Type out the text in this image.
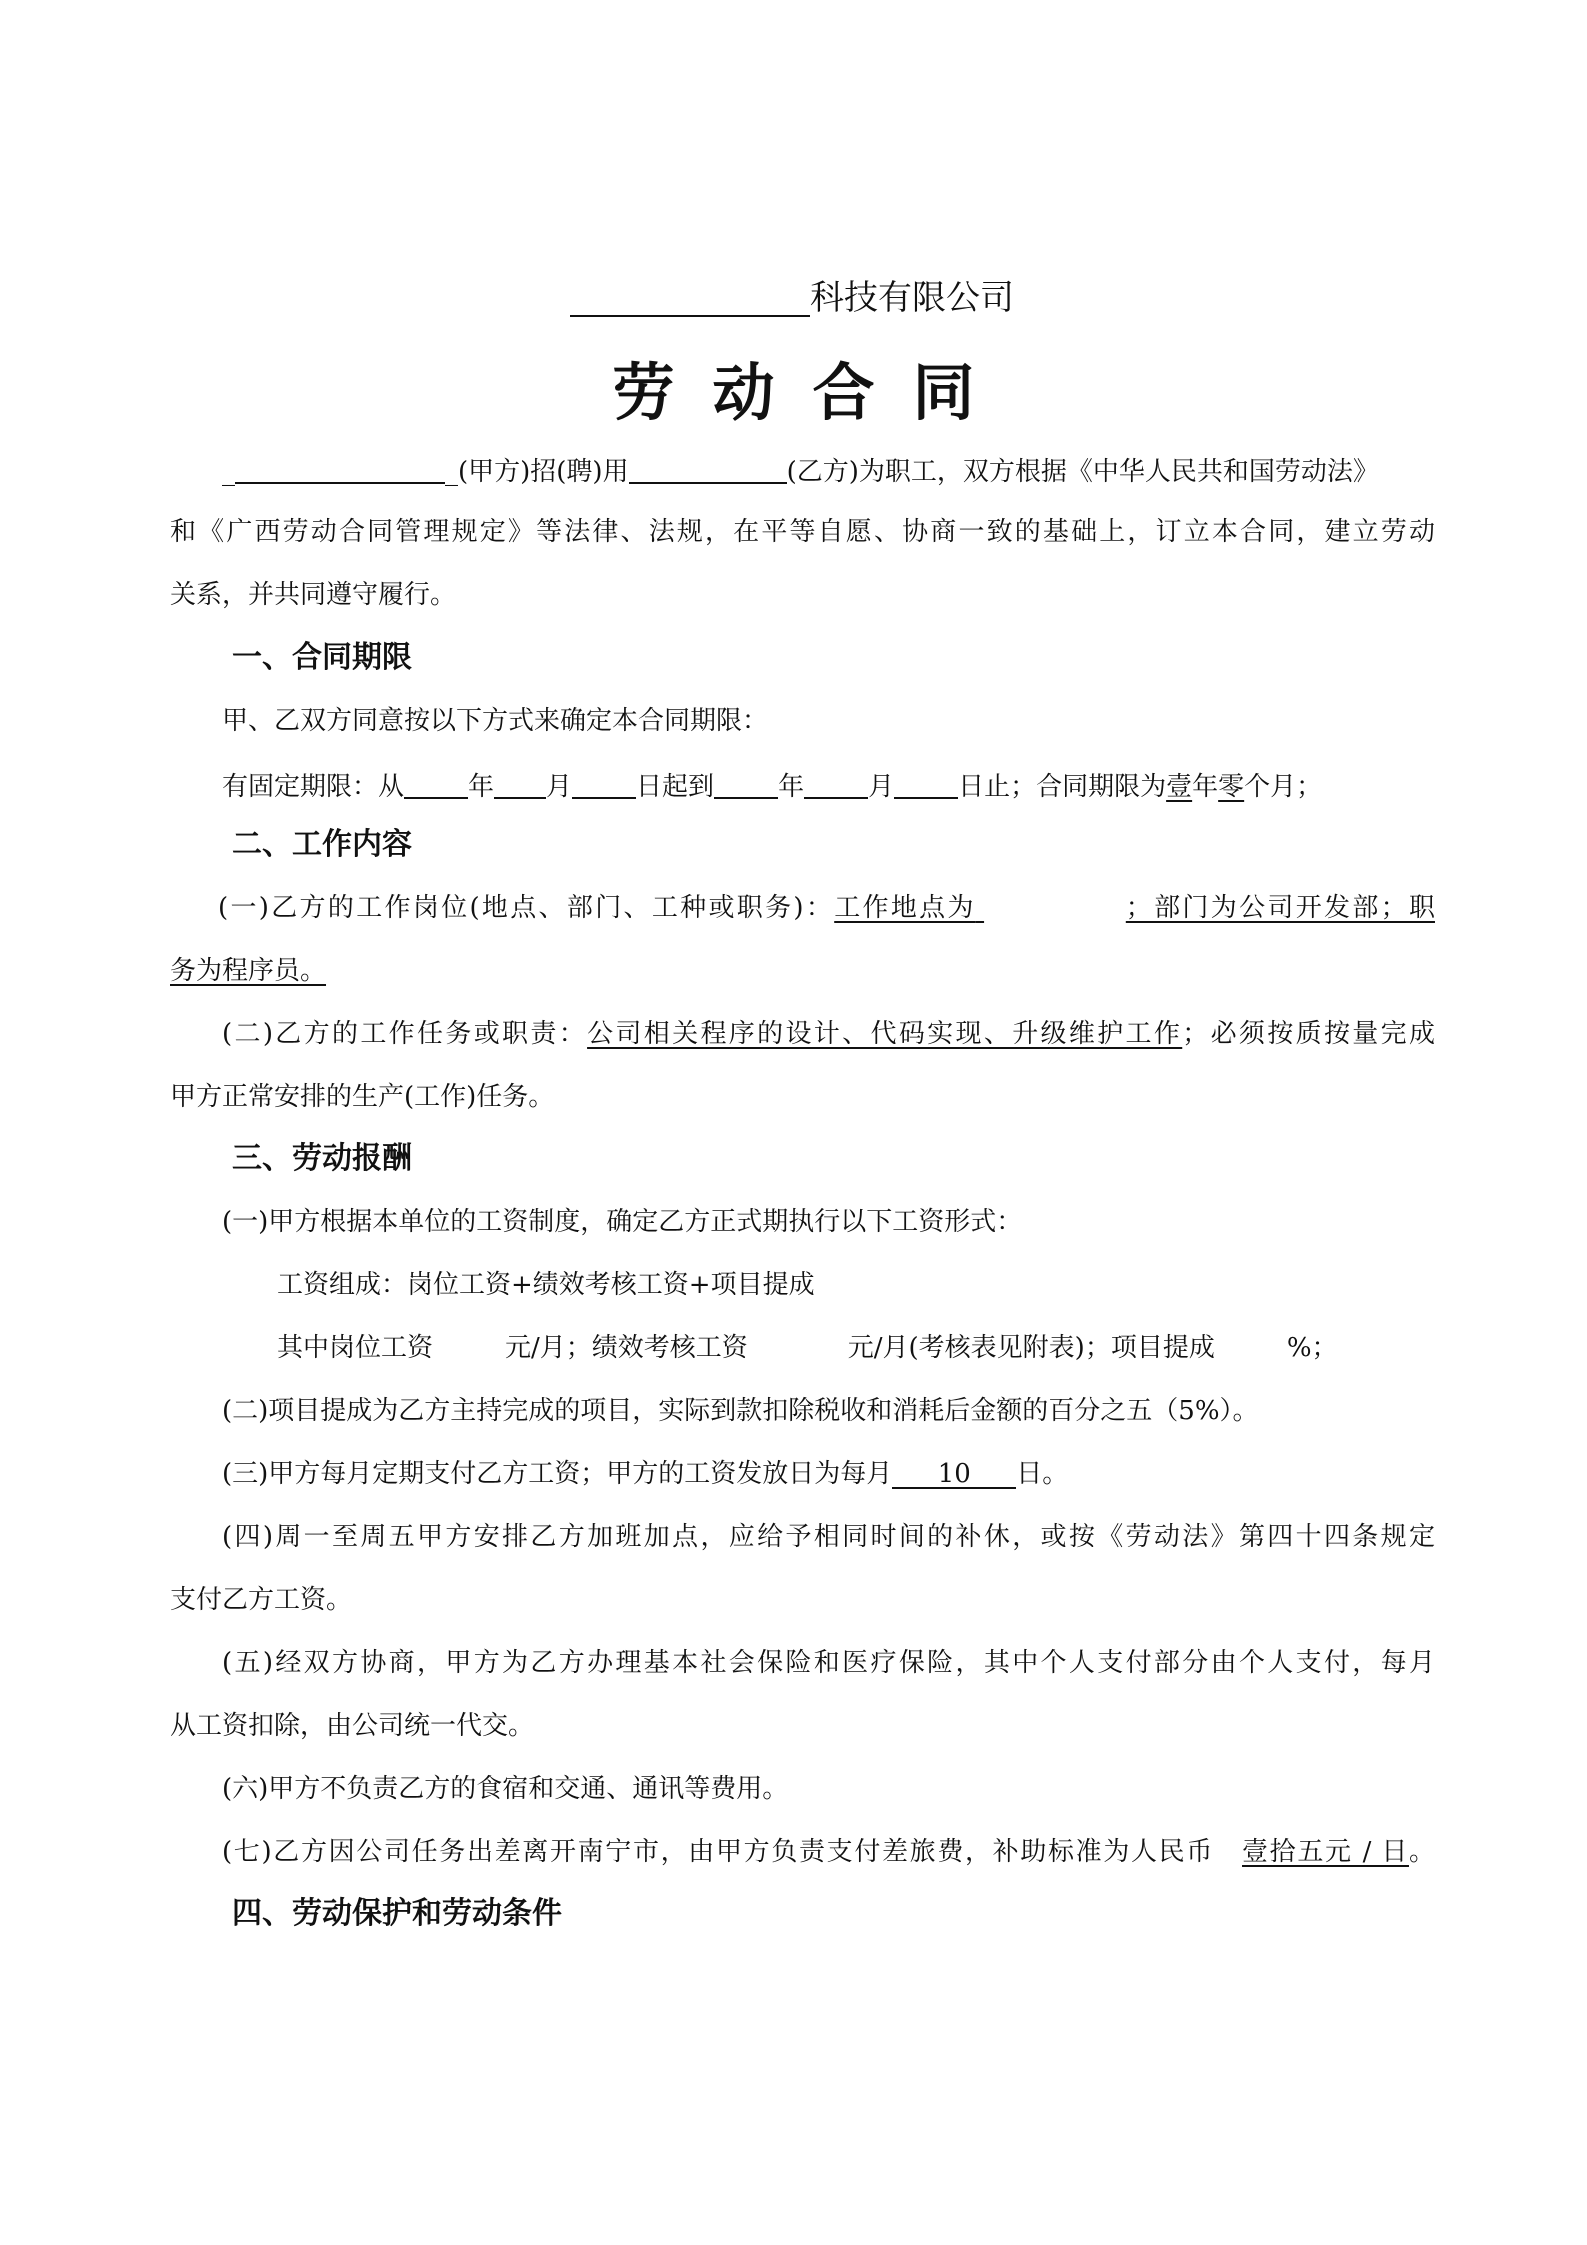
科技有限公司
劳动合同
_	_(甲方)招(聘)用	(乙方)为职工，双方根据《中华人民共和国劳动法》
和《广西劳动合同管理规定》等法律、法规，在平等自愿、协商一致的基础上，订立本合同，建立劳动
关系，并共同遵守履行。
一、合同期限
甲、乙双方同意按以下方式来确定本合同期限：
有固定期限：从 年 月 日起到 年 月 日止；合同期限为壹年零个月；
二、工作内容
(一)乙方的工作岗位(地点、部门、工种或职务)：工作地点为	；部门为公司开发部；职
务为程序员。
(二)乙方的工作任务或职责：公司相关程序的设计、代码实现、升级维护工作；必须按质按量完成
甲方正常安排的生产(工作)任务。
三、劳动报酬
(一)甲方根据本单位的工资制度，确定乙方正式期执行以下工资形式：
工资组成：岗位工资+绩效考核工资+项目提成
其中岗位工资	元/月；绩效考核工资	元/月(考核表见附表)；项目提成	%；
(二)项目提成为乙方主持完成的项目，实际到款扣除税收和消耗后金额的百分之五（5%）。
(三)甲方每月定期支付乙方工资；甲方的工资发放日为每月 10 日。
(四)周一至周五甲方安排乙方加班加点，应给予相同时间的补休，或按《劳动法》第四十四条规定
支付乙方工资。
(五)经双方协商，甲方为乙方办理基本社会保险和医疗保险，其中个人支付部分由个人支付，每月
从工资扣除，由公司统一代交。
(六)甲方不负责乙方的食宿和交通、通讯等费用。
(七)乙方因公司任务出差离开南宁市，由甲方负责支付差旅费，补助标准为人民币 壹拾五元 / 日。
四、劳动保护和劳动条件
